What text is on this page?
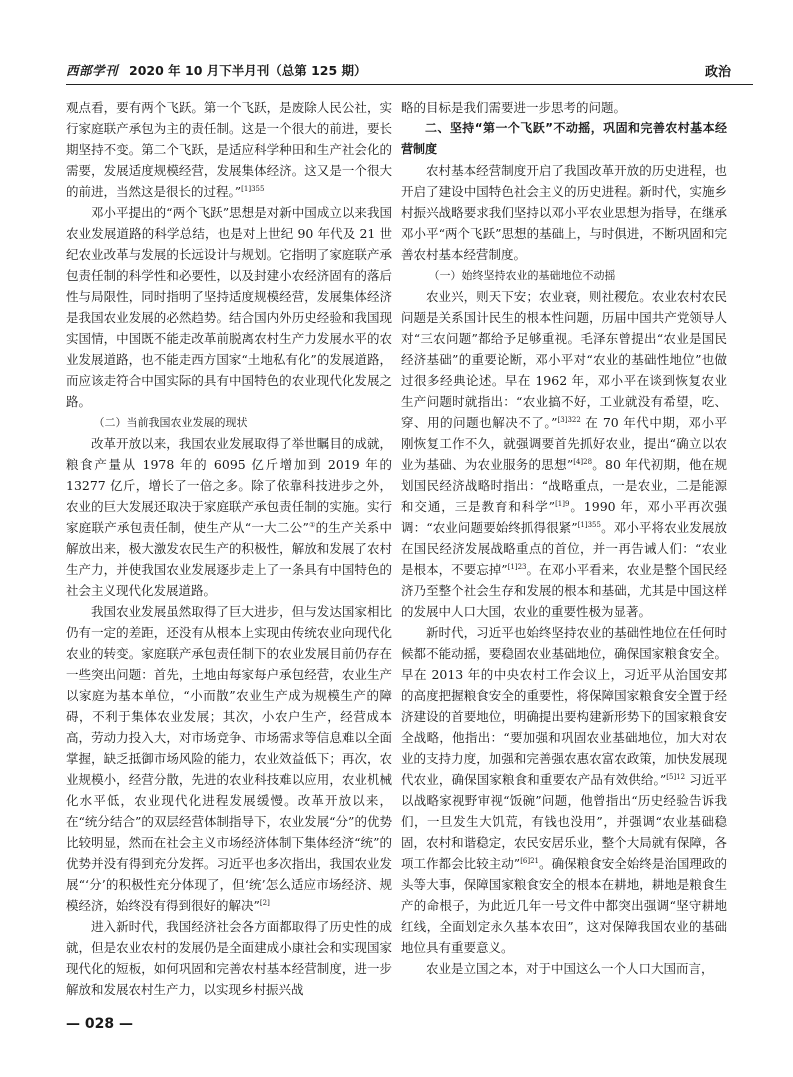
西部学刊 2020 年 10 月下半月刊（总第 125 期）	政治

观点看，要有两个飞跃。第一个飞跃，是废除人民公社，实行家庭联产承包为主的责任制。这是一个很大的前进，要长期坚持不变。第二个飞跃，是适应科学种田和生产社会化的需要，发展适度规模经营，发展集体经济。这又是一个很大的前进，当然这是很长的过程。”$^{[1]355}$

邓小平提出的“两个飞跃”思想是对新中国成立以来我国农业发展道路的科学总结，也是对上世纪 90 年代及 21 世纪农业改革与发展的长远设计与规划。它指明了家庭联产承包责任制的科学性和必要性，以及封建小农经济固有的落后性与局限性，同时指明了坚持适度规模经营，发展集体经济是我国农业发展的必然趋势。结合国内外历史经验和我国现实国情，中国既不能走改革前脱离农村生产力发展水平的农业发展道路，也不能走西方国家“土地私有化”的发展道路，而应该走符合中国实际的具有中国特色的农业现代化发展之路。

（二）当前我国农业发展的现状

改革开放以来，我国农业发展取得了举世瞩目的成就，粮食产量从 1978 年的 6095 亿斤增加到 2019 年的 13277 亿斤，增长了一倍之多。除了依靠科技进步之外，农业的巨大发展还取决于家庭联产承包责任制的实施。实行家庭联产承包责任制，使生产从“一大二公”①的生产关系中解放出来，极大激发农民生产的积极性，解放和发展了农村生产力，并使我国农业发展逐步走上了一条具有中国特色的社会主义现代化发展道路。

我国农业发展虽然取得了巨大进步，但与发达国家相比仍有一定的差距，还没有从根本上实现由传统农业向现代化农业的转变。家庭联产承包责任制下的农业发展目前仍存在一些突出问题：首先，土地由每家每户承包经营，农业生产以家庭为基本单位，“小而散”农业生产成为规模生产的障碍，不利于集体农业发展；其次，小农户生产，经营成本高，劳动力投入大，对市场竞争、市场需求等信息难以全面掌握，缺乏抵御市场风险的能力，农业效益低下；再次，农业规模小，经营分散，先进的农业科技难以应用，农业机械化水平低，农业现代化进程发展缓慢。改革开放以来，在“统分结合”的双层经营体制指导下，农业发展“分”的优势比较明显，然而在社会主义市场经济体制下集体经济“统”的优势并没有得到充分发挥。习近平也多次指出，我国农业发展“‘分’的积极性充分体现了，但‘统’怎么适应市场经济、规模经济，始终没有得到很好的解决”[2]

进入新时代，我国经济社会各方面都取得了历史性的成就，但是农业农村的发展仍是全面建成小康社会和实现国家现代化的短板，如何巩固和完善农村基本经营制度，进一步解放和发展农村生产力，以实现乡村振兴战

略的目标是我们需要进一步思考的问题。

二、坚持“第一个飞跃”不动摇，巩固和完善农村基本经营制度

农村基本经营制度开启了我国改革开放的历史进程，也开启了建设中国特色社会主义的历史进程。新时代，实施乡村振兴战略要求我们坚持以邓小平农业思想为指导，在继承邓小平“两个飞跃”思想的基础上，与时俱进，不断巩固和完善农村基本经营制度。

（一）始终坚持农业的基础地位不动摇

农业兴，则天下安；农业衰，则社稷危。农业农村农民问题是关系国计民生的根本性问题，历届中国共产党领导人对“三农问题”都给予足够重视。毛泽东曾提出“农业是国民经济基础”的重要论断，邓小平对“农业的基础性地位”也做过很多经典论述。早在 1962 年，邓小平在谈到恢复农业生产问题时就指出：“农业搞不好，工业就没有希望，吃、穿、用的问题也解决不了。”$^{[3]322}$ 在 70 年代中期，邓小平刚恢复工作不久，就强调要首先抓好农业，提出“确立以农业为基础、为农业服务的思想”$^{[4]28}$。80 年代初期，他在规划国民经济战略时指出：“战略重点，一是农业，二是能源和交通，三是教育和科学”$^{[1]9}$。1990 年，邓小平再次强调：“农业问题要始终抓得很紧”$^{[1]355}$。邓小平将农业发展放在国民经济发展战略重点的首位，并一再告诫人们：“农业是根本，不要忘掉”$^{[1]23}$。在邓小平看来，农业是整个国民经济乃至整个社会生存和发展的根本和基础，尤其是中国这样的发展中人口大国，农业的重要性极为显著。

新时代，习近平也始终坚持农业的基础性地位在任何时候都不能动摇，要稳固农业基础地位，确保国家粮食安全。早在 2013 年的中央农村工作会议上，习近平从治国安邦的高度把握粮食安全的重要性，将保障国家粮食安全置于经济建设的首要地位，明确提出要构建新形势下的国家粮食安全战略，他指出：“要加强和巩固农业基础地位，加大对农业的支持力度，加强和完善强农惠农富农政策，加快发展现代农业，确保国家粮食和重要农产品有效供给。”$^{[5]12}$ 习近平以战略家视野审视“饭碗”问题，他曾指出“历史经验告诉我们，一旦发生大饥荒，有钱也没用”，并强调“农业基础稳固，农村和谐稳定，农民安居乐业，整个大局就有保障，各项工作都会比较主动”$^{[6]21}$。确保粮食安全始终是治国理政的头等大事，保障国家粮食安全的根本在耕地，耕地是粮食生产的命根子，为此近几年一号文件中都突出强调“坚守耕地红线，全面划定永久基本农田”，这对保障我国农业的基础地位具有重要意义。

农业是立国之本，对于中国这么一个人口大国而言，

— 028 —
